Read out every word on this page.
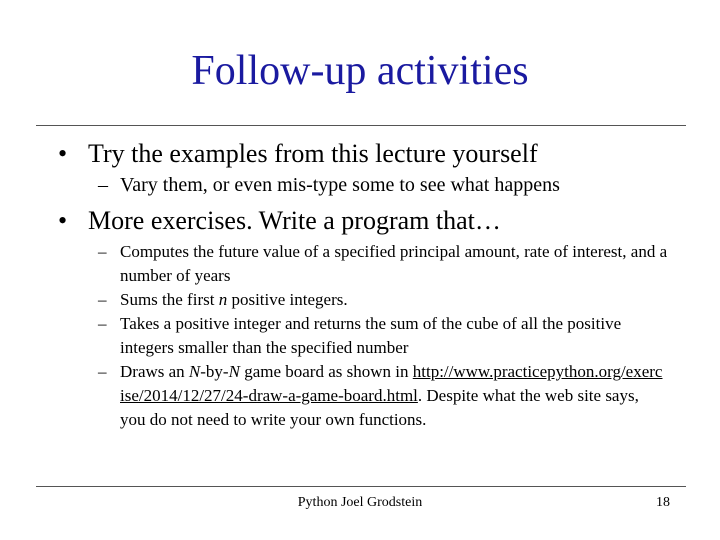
Follow-up activities
• Try the examples from this lecture yourself
– Vary them, or even mis-type some to see what happens
• More exercises. Write a program that…
– Computes the future value of a specified principal amount, rate of interest, and a number of years
– Sums the first n positive integers.
– Takes a positive integer and returns the sum of the cube of all the positive integers smaller than the specified number
– Draws an N-by-N game board as shown in http://www.practicepython.org/exercise/2014/12/27/24-draw-a-game-board.html. Despite what the web site says, you do not need to write your own functions.
Python Joel Grodstein	18
